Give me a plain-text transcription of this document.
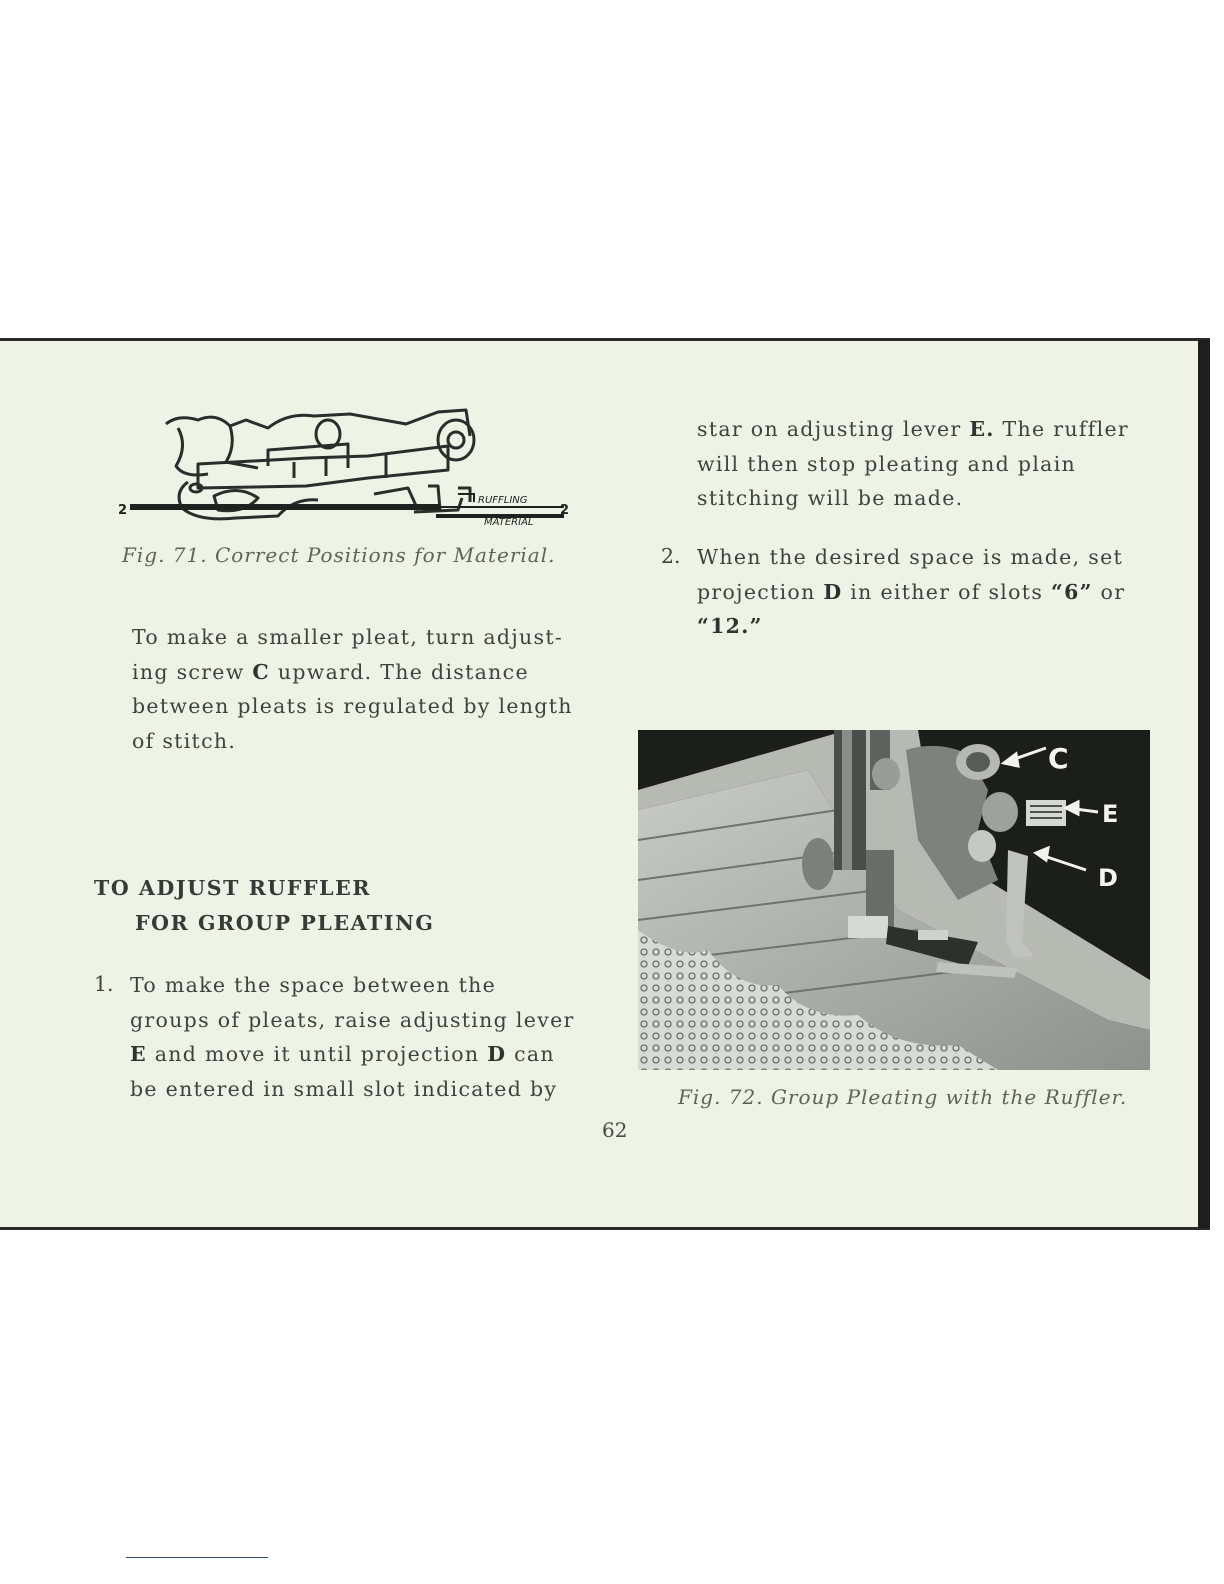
2	2
RUFFLING
MATERIAL
Fig. 71. Correct Positions for Material.
To make a smaller pleat, turn adjust-
ing screw C upward. The distance
between pleats is regulated by length
of stitch.
TO ADJUST RUFFLER
FOR GROUP PLEATING
1. To make the space between the
groups of pleats, raise adjusting lever
E and move it until projection D can
be entered in small slot indicated by
star on adjusting lever E. The ruffler
will then stop pleating and plain
stitching will be made.
2. When the desired space is made, set
projection D in either of slots “6” or
“12.”
C
E
D
Fig. 72. Group Pleating with the Ruffler.
62
